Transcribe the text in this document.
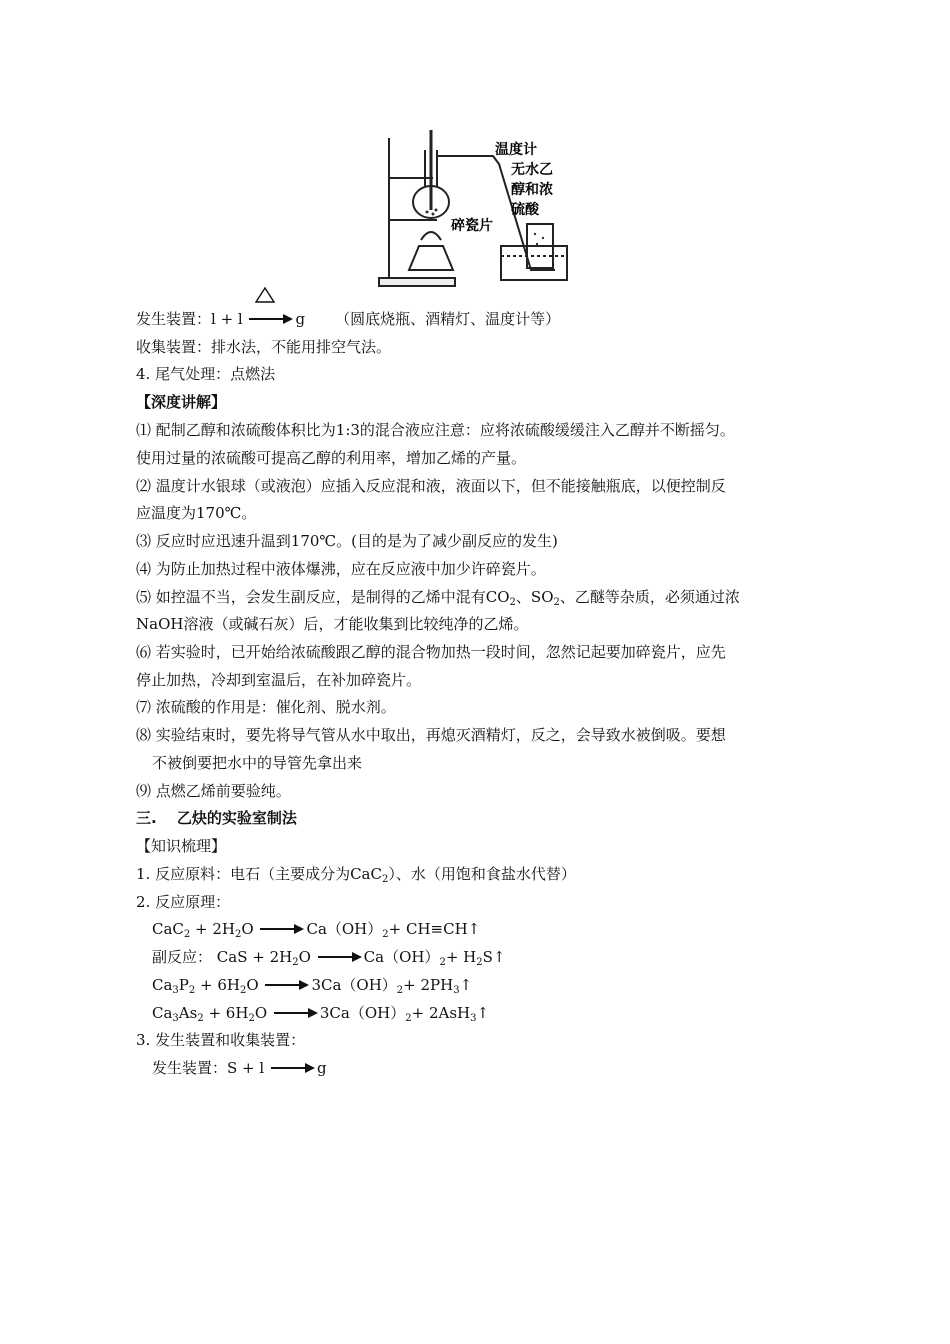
温度计
无水乙
醇和浓
硫酸
碎瓷片
发生装置：l + l	g （圆底烧瓶、酒精灯、温度计等）
收集装置：排水法，不能用排空气法。
4. 尾气处理：点燃法
【深度讲解】
⑴ 配制乙醇和浓硫酸体积比为1:3的混合液应注意：应将浓硫酸缓缓注入乙醇并不断摇匀。
使用过量的浓硫酸可提高乙醇的利用率，增加乙烯的产量。
⑵ 温度计水银球（或液泡）应插入反应混和液，液面以下，但不能接触瓶底，以便控制反
应温度为170℃。
⑶ 反应时应迅速升温到170℃。(目的是为了减少副反应的发生)
⑷ 为防止加热过程中液体爆沸，应在反应液中加少许碎瓷片。
⑸ 如控温不当，会发生副反应，是制得的乙烯中混有$CO_2$、$SO_2$、乙醚等杂质，必须通过浓
NaOH溶液（或碱石灰）后，才能收集到比较纯净的乙烯。
⑹ 若实验时，已开始给浓硫酸跟乙醇的混合物加热一段时间，忽然记起要加碎瓷片，应先
停止加热，冷却到室温后，在补加碎瓷片。
⑺ 浓硫酸的作用是：催化剂、脱水剂。
⑻ 实验结束时，要先将导气管从水中取出，再熄灭酒精灯，反之，会导致水被倒吸。要想
不被倒要把水中的导管先拿出来
⑼ 点燃乙烯前要验纯。
三.　 乙炔的实验室制法
【知识梳理】
1. 反应原料：电石（主要成分为CaC$_2$）、水（用饱和食盐水代替）
2. 反应原理：
$CaC_2 + 2H_2O \to Ca(OH)_2+$ CH≡CH↑
副反应： CaS + $2H_2O \to Ca(OH)_2+$ $H_2S↑$
$Ca_3P_2 + 6H_2O \to 3Ca(OH)_2+$ $2PH_3↑$
$Ca_3As_2 + 6H_2O \to 3Ca(OH)_2+$ 2AsH$_3$↑
3. 发生装置和收集装置：
发生装置：S + l → g
